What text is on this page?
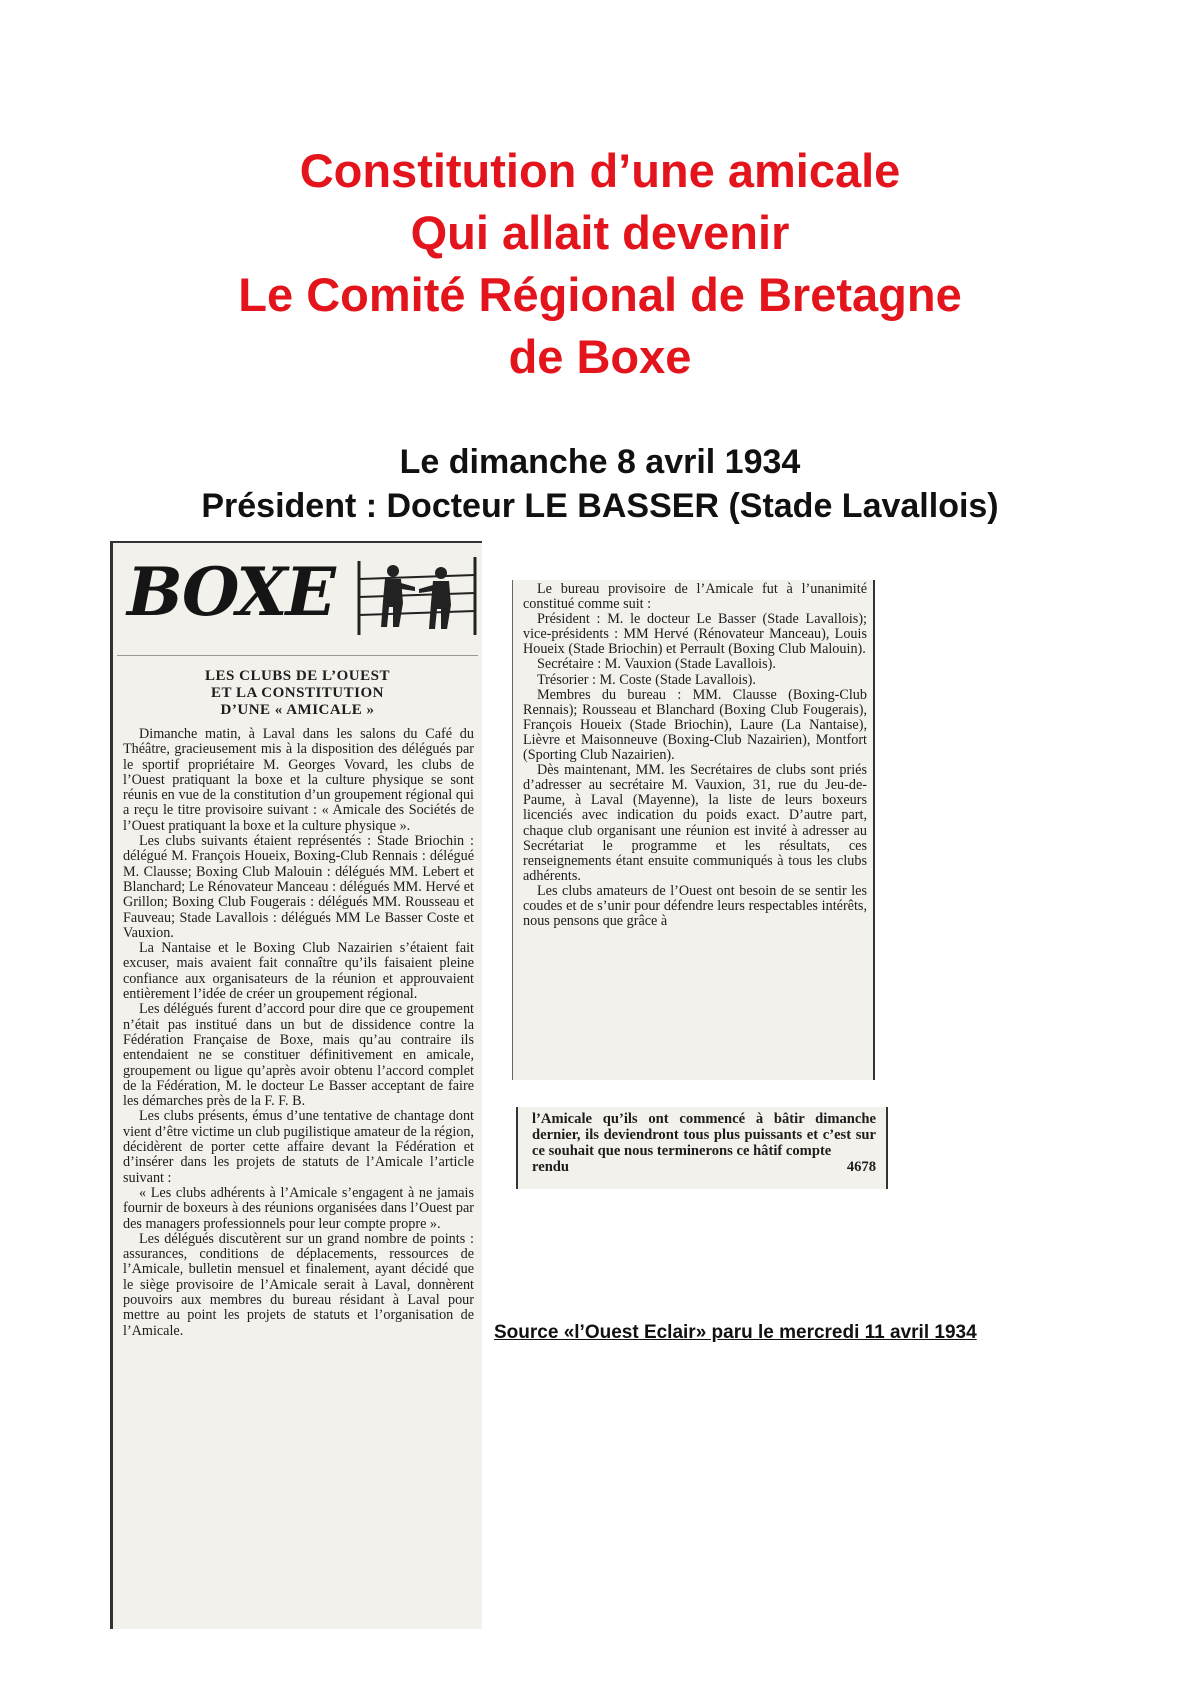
Constitution d’une amicale
Qui allait devenir
Le Comité Régional de Bretagne
de Boxe
Le dimanche 8 avril 1934
Président : Docteur LE BASSER (Stade Lavallois)
BOXE
LES CLUBS DE L’OUEST
ET LA CONSTITUTION
D’UNE « AMICALE »

Dimanche matin, à Laval dans les salons du Café du Théâtre, gracieusement mis à la disposition des délégués par le sportif propriétaire M. Georges Vovard, les clubs de l’Ouest pratiquant la boxe et la culture physique se sont réunis en vue de la constitution d’un groupement régional qui a reçu le titre provisoire suivant : « Amicale des Sociétés de l’Ouest pratiquant la boxe et la culture physique ».

Les clubs suivants étaient représentés : Stade Briochin : délégué M. François Houeix, Boxing-Club Rennais : délégué M. Clausse; Boxing Club Malouin : délégués MM. Lebert et Blanchard; Le Rénovateur Manceau : délégués MM. Hervé et Grillon; Boxing Club Fougerais : délégués MM. Rousseau et Fauveau; Stade Lavallois : délégués MM Le Basser Coste et Vauxion.

La Nantaise et le Boxing Club Nazairien s’étaient fait excuser, mais avaient fait connaître qu’ils faisaient pleine confiance aux organisateurs de la réunion et approuvaient entièrement l’idée de créer un groupement régional.

Les délégués furent d’accord pour dire que ce groupement n’était pas institué dans un but de dissidence contre la Fédération Française de Boxe, mais qu’au contraire ils entendaient ne se constituer définitivement en amicale, groupement ou ligue qu’après avoir obtenu l’accord complet de la Fédération, M. le docteur Le Basser acceptant de faire les démarches près de la F. F. B.

Les clubs présents, émus d’une tentative de chantage dont vient d’être victime un club pugilistique amateur de la région, décidèrent de porter cette affaire devant la Fédération et d’insérer dans les projets de statuts de l’Amicale l’article suivant :

« Les clubs adhérents à l’Amicale s’engagent à ne jamais fournir de boxeurs à des réunions organisées dans l’Ouest par des managers professionnels pour leur compte propre ».

Les délégués discutèrent sur un grand nombre de points : assurances, conditions de déplacements, ressources de l’Amicale, bulletin mensuel et finalement, ayant décidé que le siège provisoire de l’Amicale serait à Laval, donnèrent pouvoirs aux membres du bureau résidant à Laval pour mettre au point les projets de statuts et l’organisation de l’Amicale.

Le bureau provisoire de l’Amicale fut à l’unanimité constitué comme suit :

Président : M. le docteur Le Basser (Stade Lavallois); vice-présidents : MM Hervé (Rénovateur Manceau), Louis Houeix (Stade Briochin) et Perrault (Boxing Club Malouin).

Secrétaire : M. Vauxion (Stade Lavallois).

Trésorier : M. Coste (Stade Lavallois).

Membres du bureau : MM. Clausse (Boxing-Club Rennais); Rousseau et Blanchard (Boxing Club Fougerais), François Houeix (Stade Briochin), Laure (La Nantaise), Lièvre et Maisonneuve (Boxing-Club Nazairien), Montfort (Sporting Club Nazairien).

Dès maintenant, MM. les Secrétaires de clubs sont priés d’adresser au secrétaire M. Vauxion, 31, rue du Jeu-de-Paume, à Laval (Mayenne), la liste de leurs boxeurs licenciés avec indication du poids exact. D’autre part, chaque club organisant une réunion est invité à adresser au Secrétariat le programme et les résultats, ces renseignements étant ensuite communiqués à tous les clubs adhérents.

Les clubs amateurs de l’Ouest ont besoin de se sentir les coudes et de s’unir pour défendre leurs respectables intérêts, nous pensons que grâce à

l’Amicale qu’ils ont commencé à bâtir dimanche dernier, ils deviendront tous plus puissants et c’est sur ce souhait que nous terminerons ce hâtif compte

rendu	4678
Source «l’Ouest Eclair» paru le mercredi 11 avril 1934
